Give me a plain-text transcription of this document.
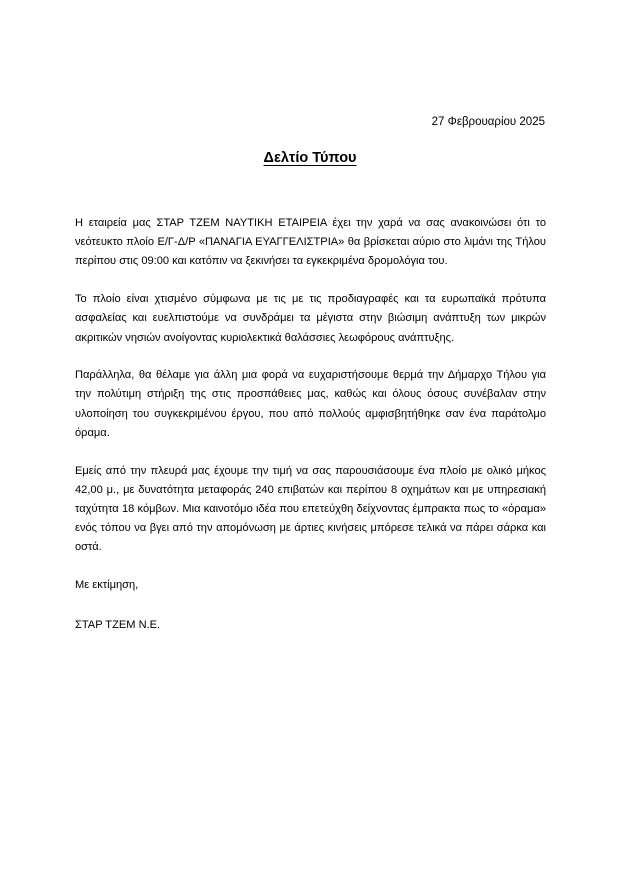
27 Φεβρουαρίου 2025
Δελτίο Τύπου

Η εταιρεία μας ΣΤΑΡ ΤΖΕΜ ΝΑΥΤΙΚΗ ΕΤΑΙΡΕΙΑ έχει την χαρά να σας ανακοινώσει ότι το νεότευκτο πλοίο Ε/Γ-Δ/Ρ «ΠΑΝΑΓΙΑ ΕΥΑΓΓΕΛΙΣΤΡΙΑ» θα βρίσκεται αύριο στο λιμάνι της Τήλου περίπου στις 09:00 και κατόπιν να ξεκινήσει τα εγκεκριμένα δρομολόγια του.

Το πλοίο είναι χτισμένο σύμφωνα με τις με τις προδιαγραφές και τα ευρωπαϊκά πρότυπα ασφαλείας και ευελπιστούμε να συνδράμει τα μέγιστα στην βιώσιμη ανάπτυξη των μικρών ακριτικών νησιών ανοίγοντας κυριολεκτικά θαλάσσιες λεωφόρους ανάπτυξης.

Παράλληλα, θα θέλαμε για άλλη μια φορά να ευχαριστήσουμε θερμά την Δήμαρχο Τήλου για την πολύτιμη στήριξη της στις προσπάθειες μας, καθώς και όλους όσους συνέβαλαν στην υλοποίηση του συγκεκριμένου έργου, που από πολλούς αμφισβητήθηκε σαν ένα παράτολμο όραμα.

Εμείς από την πλευρά μας έχουμε την τιμή να σας παρουσιάσουμε ένα πλοίο με ολικό μήκος 42,00 μ., με δυνατότητα μεταφοράς 240 επιβατών και περίπου 8 οχημάτων και με υπηρεσιακή ταχύτητα 18 κόμβων. Μια καινοτόμο ιδέα που επετεύχθη δείχνοντας έμπρακτα πως το «όραμα» ενός τόπου να βγει από την απομόνωση με άρτιες κινήσεις μπόρεσε τελικά να πάρει σάρκα και οστά.

Με εκτίμηση,

ΣΤΑΡ ΤΖΕΜ Ν.Ε.
